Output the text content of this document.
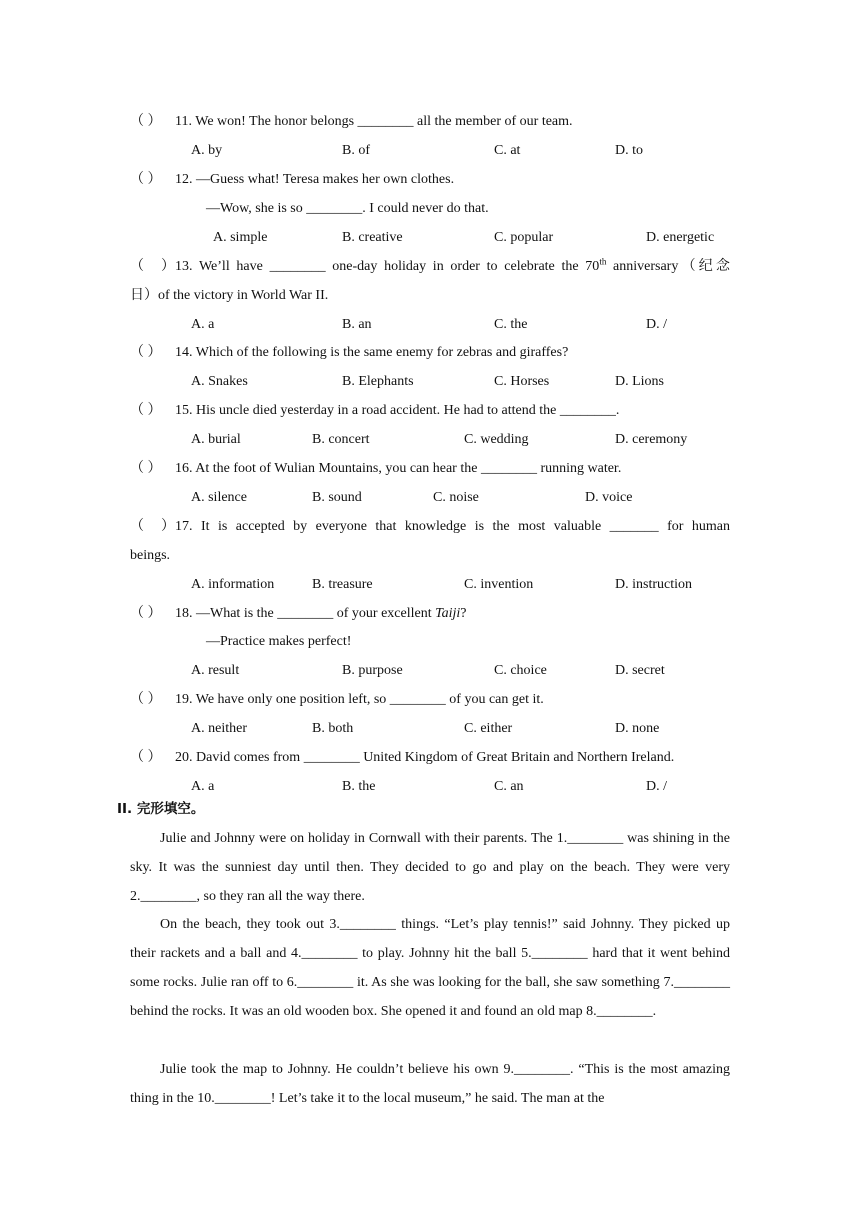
（ ） 11. We won! The honor belongs ________ all the member of our team.
A. by	B. of	C. at	D. to
（ ） 12. —Guess what! Teresa makes her own clothes.
—Wow, she is so ________. I could never do that.
A. simple	B. creative	C. popular	D. energetic
（ ）13. We’ll have ________ one-day holiday in order to celebrate the 70th anniversary（纪念
日）of the victory in World War II.
A. a	B. an	C. the	D. /
（ ） 14. Which of the following is the same enemy for zebras and giraffes?
A. Snakes	B. Elephants	C. Horses	D. Lions
（ ） 15. His uncle died yesterday in a road accident. He had to attend the ________.
A. burial	B. concert	C. wedding	D. ceremony
（ ） 16. At the foot of Wulian Mountains, you can hear the ________ running water.
A. silence	B. sound	C. noise	D. voice
（ ）17. It is accepted by everyone that knowledge is the most valuable _______ for human
beings.
A. information	B. treasure	C. invention	D. instruction
（ ） 18. —What is the ________ of your excellent Taiji?
—Practice makes perfect!
A. result	B. purpose	C. choice	D. secret
（ ） 19. We have only one position left, so ________ of you can get it.
A. neither	B. both	C. either	D. none
（ ） 20. David comes from ________ United Kingdom of Great Britain and Northern Ireland.
A. a	B. the	C. an	D. /
II. 完形填空。
Julie and Johnny were on holiday in Cornwall with their parents. The 1.________ was shining in the sky. It was the sunniest day until then. They decided to go and play on the beach. They were very 2.________, so they ran all the way there.
On the beach, they took out 3.________ things. “Let’s play tennis!” said Johnny. They picked up their rackets and a ball and 4.________ to play. Johnny hit the ball 5.________ hard that it went behind some rocks. Julie ran off to 6.________ it. As she was looking for the ball, she saw something 7.________ behind the rocks. It was an old wooden box. She opened it and found an old map 8.________.
Julie took the map to Johnny. He couldn’t believe his own 9.________. “This is the most amazing thing in the 10.________! Let’s take it to the local museum,” he said. The man at the
